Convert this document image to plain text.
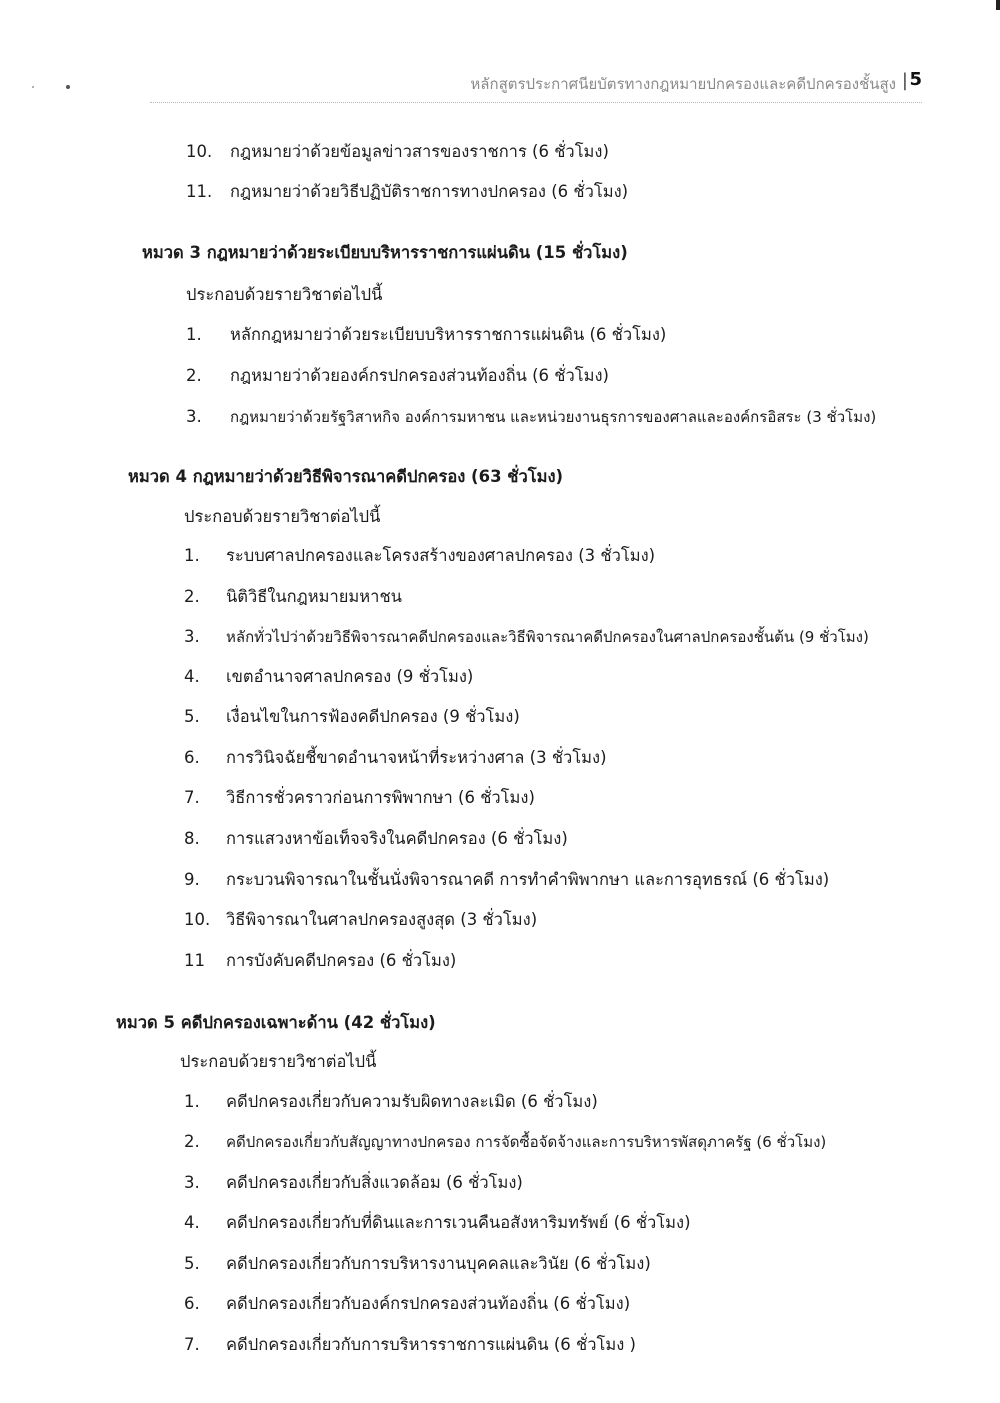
หลักสูตรประกาศนียบัตรทางกฎหมายปกครองและคดีปกครองชั้นสูง | 5
10. กฎหมายว่าด้วยข้อมูลข่าวสารของราชการ (6 ชั่วโมง)
11. กฎหมายว่าด้วยวิธีปฏิบัติราชการทางปกครอง (6 ชั่วโมง)
หมวด 3 กฎหมายว่าด้วยระเบียบบริหารราชการแผ่นดิน (15 ชั่วโมง)
ประกอบด้วยรายวิชาต่อไปนี้
1. หลักกฎหมายว่าด้วยระเบียบบริหารราชการแผ่นดิน (6 ชั่วโมง)
2. กฎหมายว่าด้วยองค์กรปกครองส่วนท้องถิ่น (6 ชั่วโมง)
3. กฎหมายว่าด้วยรัฐวิสาหกิจ องค์การมหาชน และหน่วยงานธุรการของศาลและองค์กรอิสระ (3 ชั่วโมง)
หมวด 4 กฎหมายว่าด้วยวิธีพิจารณาคดีปกครอง (63 ชั่วโมง)
ประกอบด้วยรายวิชาต่อไปนี้
1. ระบบศาลปกครองและโครงสร้างของศาลปกครอง (3 ชั่วโมง)
2. นิติวิธีในกฎหมายมหาชน
3. หลักทั่วไปว่าด้วยวิธีพิจารณาคดีปกครองและวิธีพิจารณาคดีปกครองในศาลปกครองชั้นต้น (9 ชั่วโมง)
4. เขตอำนาจศาลปกครอง (9 ชั่วโมง)
5. เงื่อนไขในการฟ้องคดีปกครอง (9 ชั่วโมง)
6. การวินิจฉัยชี้ขาดอำนาจหน้าที่ระหว่างศาล (3 ชั่วโมง)
7. วิธีการชั่วคราวก่อนการพิพากษา (6 ชั่วโมง)
8. การแสวงหาข้อเท็จจริงในคดีปกครอง (6 ชั่วโมง)
9. กระบวนพิจารณาในชั้นนั่งพิจารณาคดี การทำคำพิพากษา และการอุทธรณ์ (6 ชั่วโมง)
10. วิธีพิจารณาในศาลปกครองสูงสุด (3 ชั่วโมง)
11 การบังคับคดีปกครอง (6 ชั่วโมง)
หมวด 5 คดีปกครองเฉพาะด้าน (42 ชั่วโมง)
ประกอบด้วยรายวิชาต่อไปนี้
1. คดีปกครองเกี่ยวกับความรับผิดทางละเมิด (6 ชั่วโมง)
2. คดีปกครองเกี่ยวกับสัญญาทางปกครอง การจัดซื้อจัดจ้างและการบริหารพัสดุภาครัฐ (6 ชั่วโมง)
3. คดีปกครองเกี่ยวกับสิ่งแวดล้อม (6 ชั่วโมง)
4. คดีปกครองเกี่ยวกับที่ดินและการเวนคืนอสังหาริมทรัพย์ (6 ชั่วโมง)
5. คดีปกครองเกี่ยวกับการบริหารงานบุคคลและวินัย (6 ชั่วโมง)
6. คดีปกครองเกี่ยวกับองค์กรปกครองส่วนท้องถิ่น (6 ชั่วโมง)
7. คดีปกครองเกี่ยวกับการบริหารราชการแผ่นดิน (6 ชั่วโมง )
